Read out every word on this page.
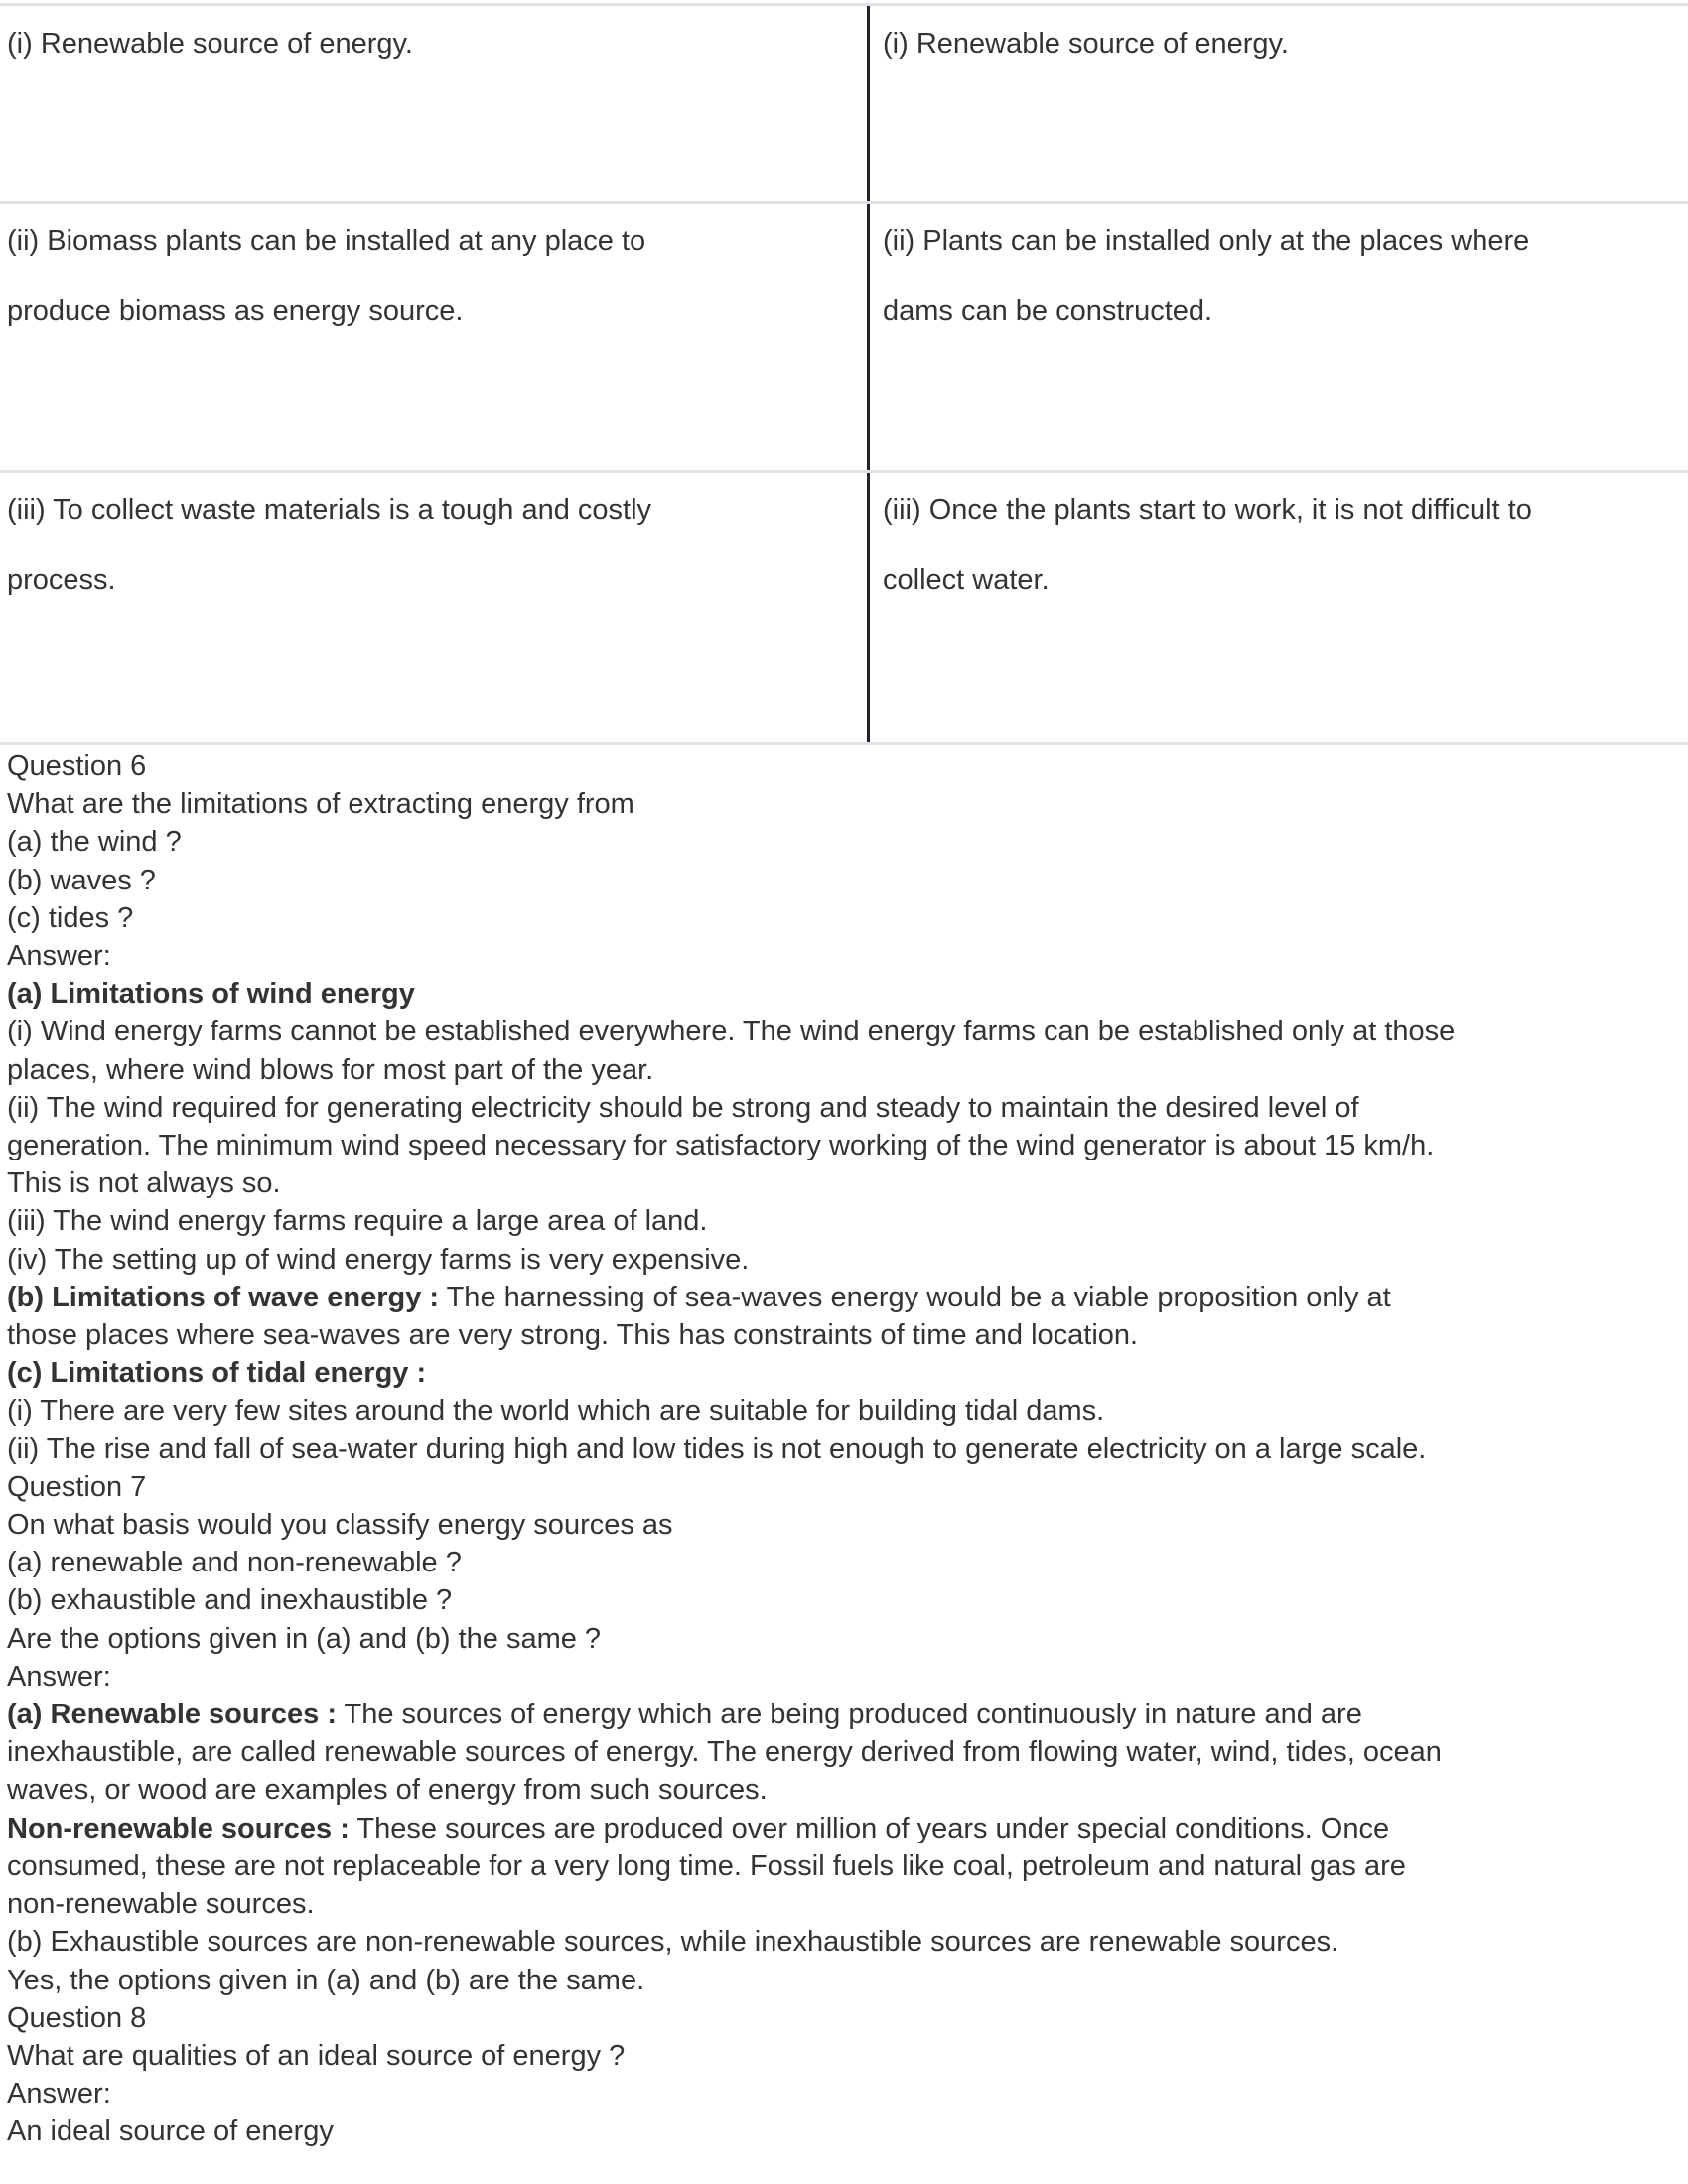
(i) Renewable source of energy.	(i) Renewable source of energy.
(ii) Biomass plants can be installed at any place to
produce biomass as energy source.
(ii) Plants can be installed only at the places where
dams can be constructed.
(iii) To collect waste materials is a tough and costly
process.
(iii) Once the plants start to work, it is not difficult to
collect water.
Question 6
What are the limitations of extracting energy from
(a) the wind ?
(b) waves ?
(c) tides ?
Answer:
(a) Limitations of wind energy
(i) Wind energy farms cannot be established everywhere. The wind energy farms can be established only at those
places, where wind blows for most part of the year.
(ii) The wind required for generating electricity should be strong and steady to maintain the desired level of
generation. The minimum wind speed necessary for satisfactory working of the wind generator is about 15 km/h.
This is not always so.
(iii) The wind energy farms require a large area of land.
(iv) The setting up of wind energy farms is very expensive.
(b) Limitations of wave energy : The harnessing of sea-waves energy would be a viable proposition only at
those places where sea-waves are very strong. This has constraints of time and location.
(c) Limitations of tidal energy :
(i) There are very few sites around the world which are suitable for building tidal dams.
(ii) The rise and fall of sea-water during high and low tides is not enough to generate electricity on a large scale.
Question 7
On what basis would you classify energy sources as
(a) renewable and non-renewable ?
(b) exhaustible and inexhaustible ?
Are the options given in (a) and (b) the same ?
Answer:
(a) Renewable sources : The sources of energy which are being produced continuously in nature and are
inexhaustible, are called renewable sources of energy. The energy derived from flowing water, wind, tides, ocean
waves, or wood are examples of energy from such sources.
Non-renewable sources : These sources are produced over million of years under special conditions. Once
consumed, these are not replaceable for a very long time. Fossil fuels like coal, petroleum and natural gas are
non-renewable sources.
(b) Exhaustible sources are non-renewable sources, while inexhaustible sources are renewable sources.
Yes, the options given in (a) and (b) are the same.
Question 8
What are qualities of an ideal source of energy ?
Answer:
An ideal source of energy
